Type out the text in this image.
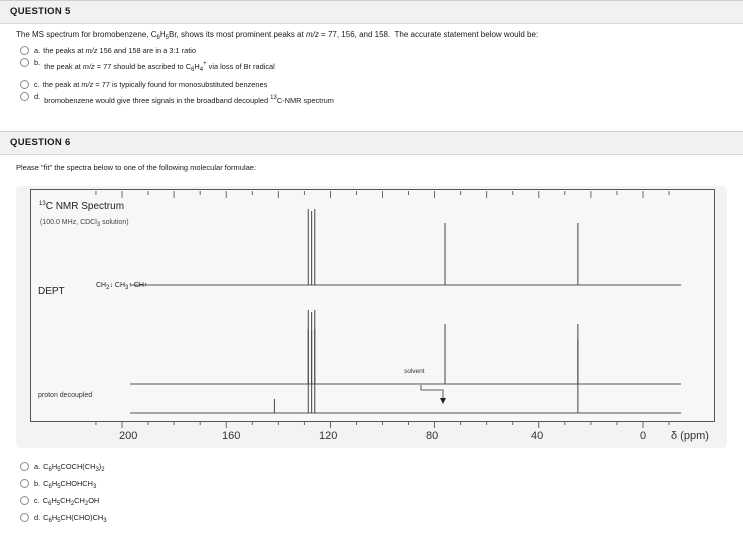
QUESTION 5
The MS spectrum for bromobenzene, $C_6H_5Br$, shows its most prominent peaks at m/z = 77, 156, and 158.  The accurate statement below would be:
a. the peaks at m/z 156 and 158 are in a 3:1 ratio
b. the peak at m/z = 77 should be ascribed to $C_6H_4^+$ via loss of Br radical
c. the peak at m/z = 77 is typically found for monosubstituted benzenes
d. bromobenzene would give three signals in the broadband decoupled $^{13}$C-NMR spectrum
QUESTION 6
Please "fit" the spectra below to one of the following molecular formulae:
$^{13}$C NMR Spectrum
(100.0 MHz, CDCl$_3$ solution)
DEPT
$CH_2↓$ $CH_3↑$ CH↑
solvent
proton decoupled
200	160	120	80	40	0 δ (ppm)
a. $C_6H_5COCH(CH_3)_2$
b. $C_6H_5CHOHCH_3$
c. $C_6H_5CH_2CH_2OH$
d. $C_6H_5CH(CHO)CH_3$
